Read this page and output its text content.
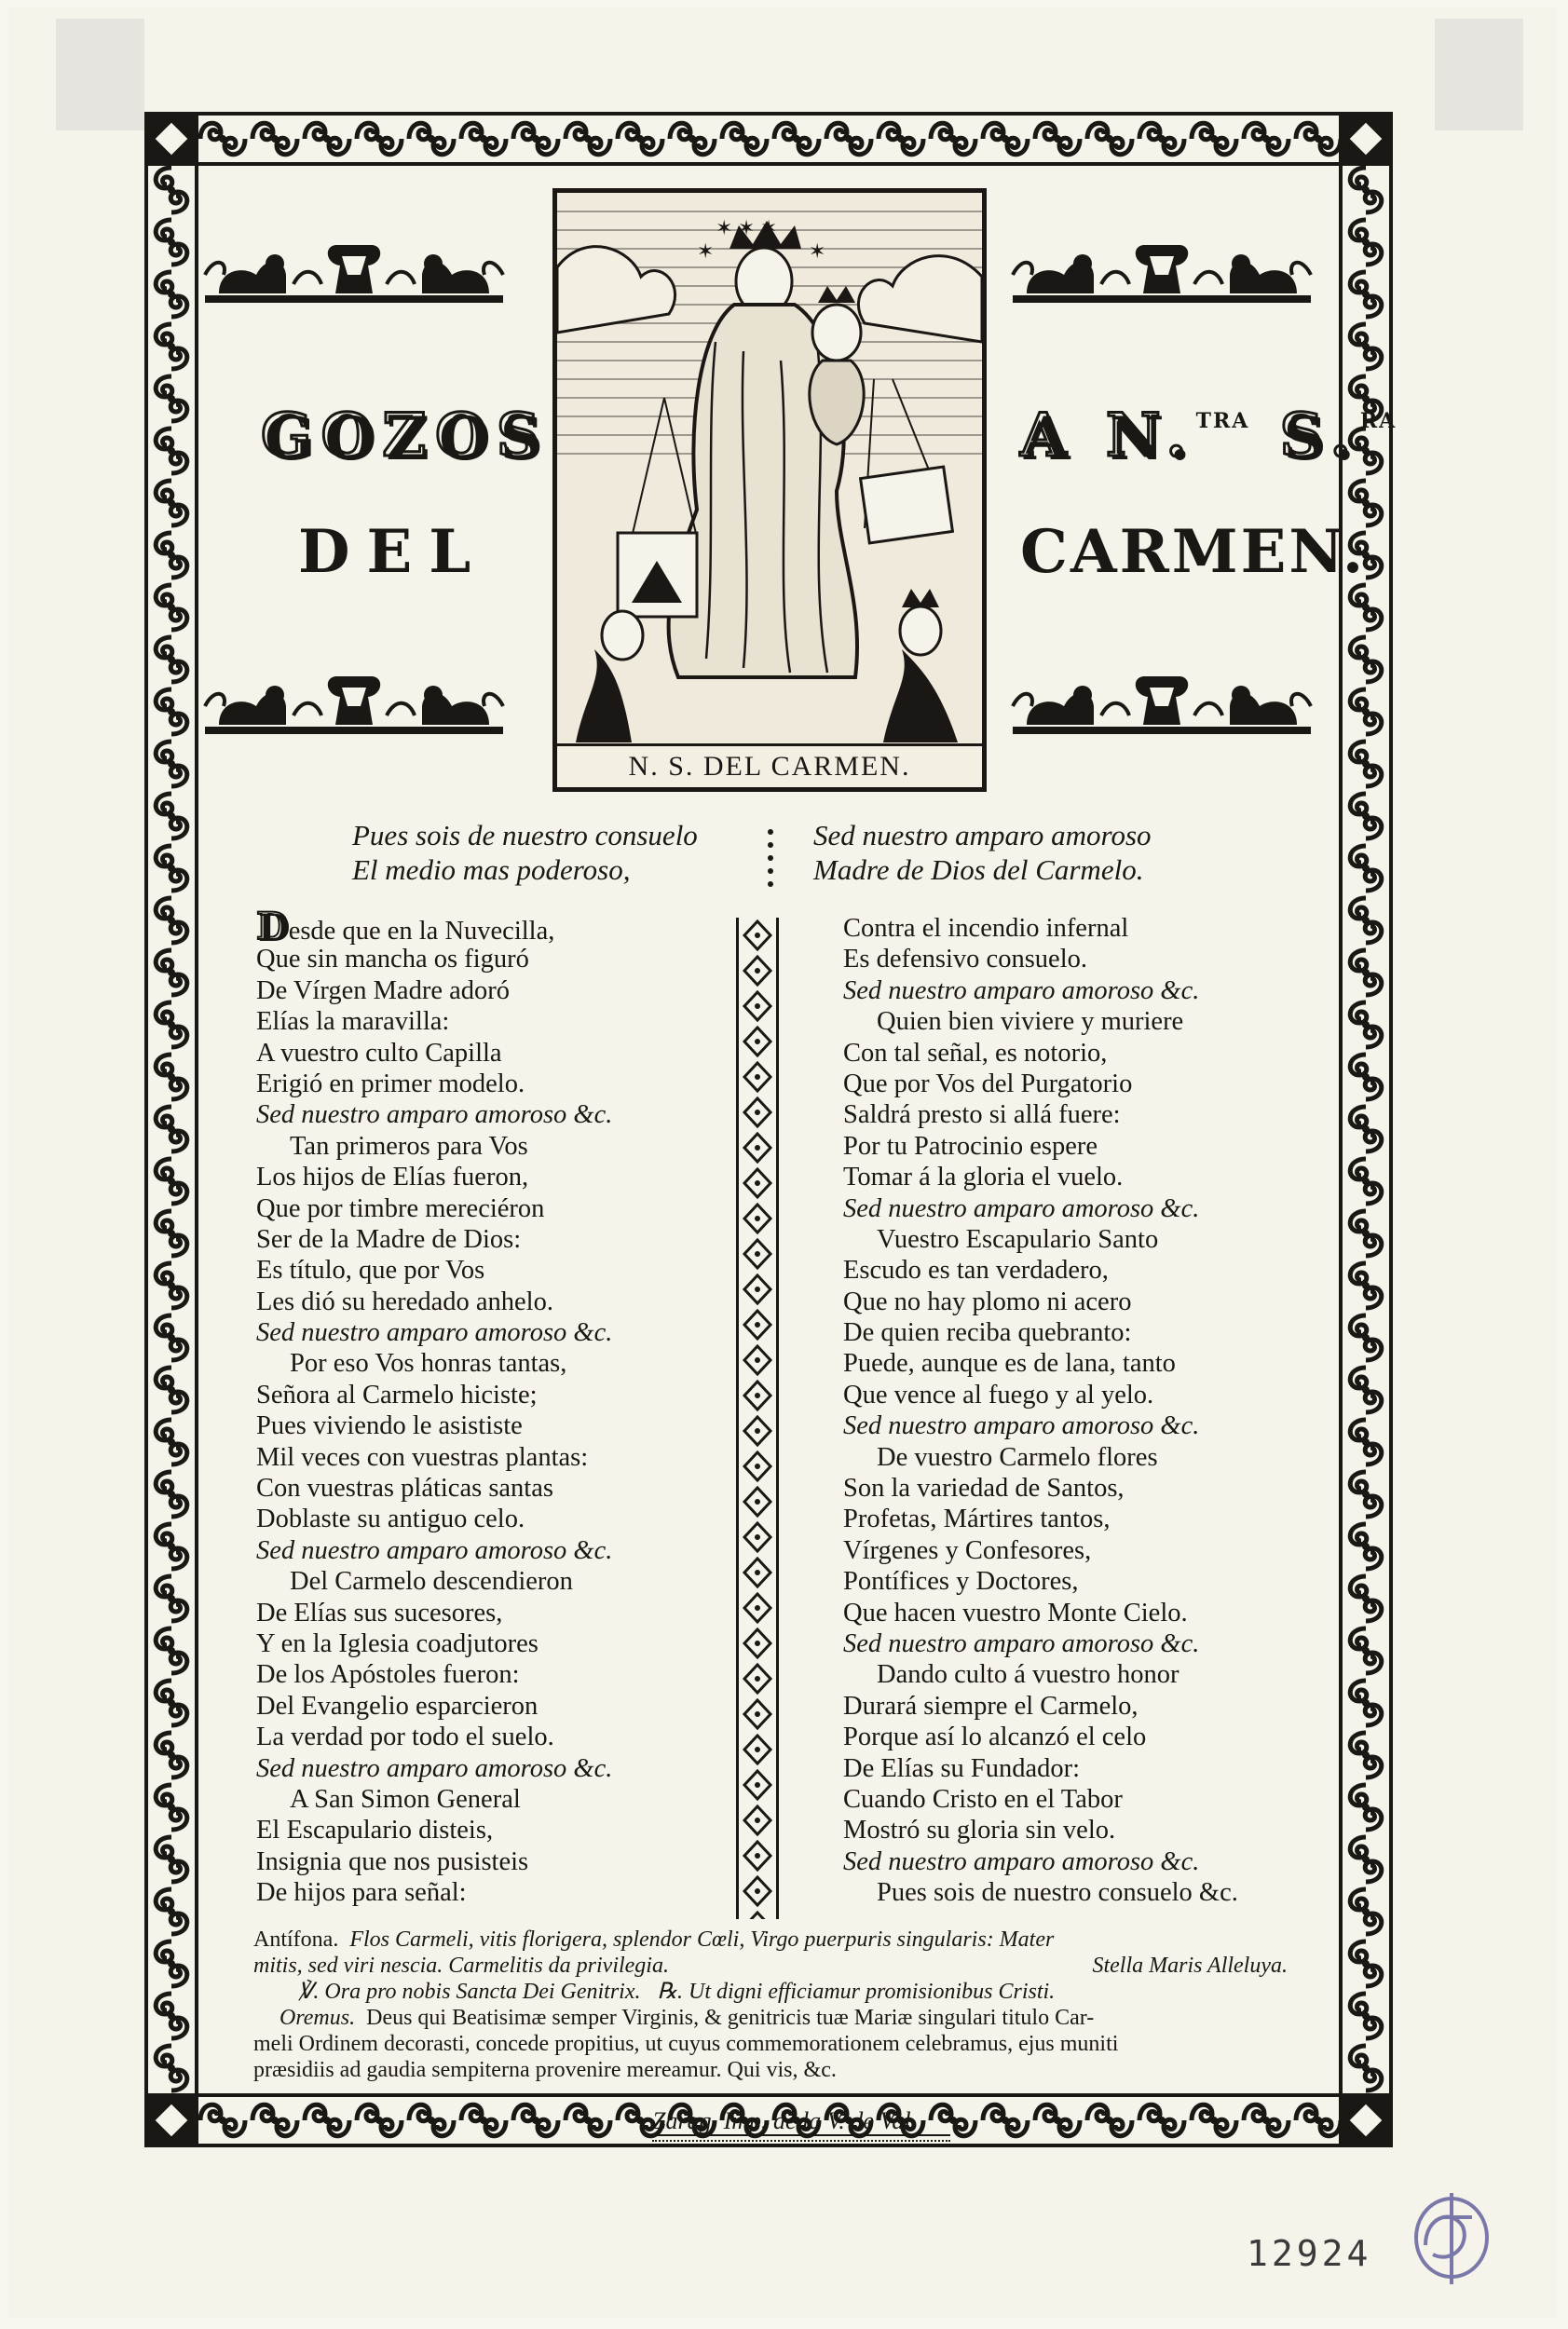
GOZOS
DEL
A N.$^{TRA}$ S.$^{RA}$
CARMEN.
✶ ✶ ✶
✶	✶
N. S. DEL CARMEN.
Pues sois de nuestro consuelo
El medio mas poderoso,
Sed nuestro amparo amoroso
Madre de Dios del Carmelo.
Desde que en la Nuvecilla,
Que sin mancha os figuró
De Vírgen Madre adoró
Elías la maravilla:
A vuestro culto Capilla
Erigió en primer modelo.
Sed nuestro amparo amoroso &c.
Tan primeros para Vos
Los hijos de Elías fueron,
Que por timbre mereciéron
Ser de la Madre de Dios:
Es título, que por Vos
Les dió su heredado anhelo.
Sed nuestro amparo amoroso &c.
Por eso Vos honras tantas,
Señora al Carmelo hiciste;
Pues viviendo le asististe
Mil veces con vuestras plantas:
Con vuestras pláticas santas
Doblaste su antiguo celo.
Sed nuestro amparo amoroso &c.
Del Carmelo descendieron
De Elías sus sucesores,
Y en la Iglesia coadjutores
De los Apóstoles fueron:
Del Evangelio esparcieron
La verdad por todo el suelo.
Sed nuestro amparo amoroso &c.
A San Simon General
El Escapulario disteis,
Insignia que nos pusisteis
De hijos para señal:
Contra el incendio infernal
Es defensivo consuelo.
Sed nuestro amparo amoroso &c.
Quien bien viviere y muriere
Con tal señal, es notorio,
Que por Vos del Purgatorio
Saldrá presto si allá fuere:
Por tu Patrocinio espere
Tomar á la gloria el vuelo.
Sed nuestro amparo amoroso &c.
Vuestro Escapulario Santo
Escudo es tan verdadero,
Que no hay plomo ni acero
De quien reciba quebranto:
Puede, aunque es de lana, tanto
Que vence al fuego y al yelo.
Sed nuestro amparo amoroso &c.
De vuestro Carmelo flores
Son la variedad de Santos,
Profetas, Mártires tantos,
Vírgenes y Confesores,
Pontífices y Doctores,
Que hacen vuestro Monte Cielo.
Sed nuestro amparo amoroso &c.
Dando culto á vuestro honor
Durará siempre el Carmelo,
Porque así lo alcanzó el celo
De Elías su Fundador:
Cuando Cristo en el Tabor
Mostró su gloria sin velo.
Sed nuestro amparo amoroso &c.
Pues sois de nuestro consuelo &c.
Antífona. Flos Carmeli, vitis florigera, splendor Cœli, Virgo puerpuris singularis: Mater
mitis, sed viri nescia. Carmelitis da privilegia.	Stella Maris Alleluya.
℣. Ora pro nobis Sancta Dei Genitrix. ℞. Ut digni efficiamur promisionibus Cristi.
Oremus. Deus qui Beatisimæ semper Virginis, & genitricis tuæ Mariæ singulari titulo Car-
meli Ordinem decorasti, concede propitius, ut cuyus commemorationem celebramus, ejus muniti
præsidiis ad gaudia sempiterna provenire mereamur. Qui vis, &c.
Zarag. Imp. de la V. de Val.
12924
